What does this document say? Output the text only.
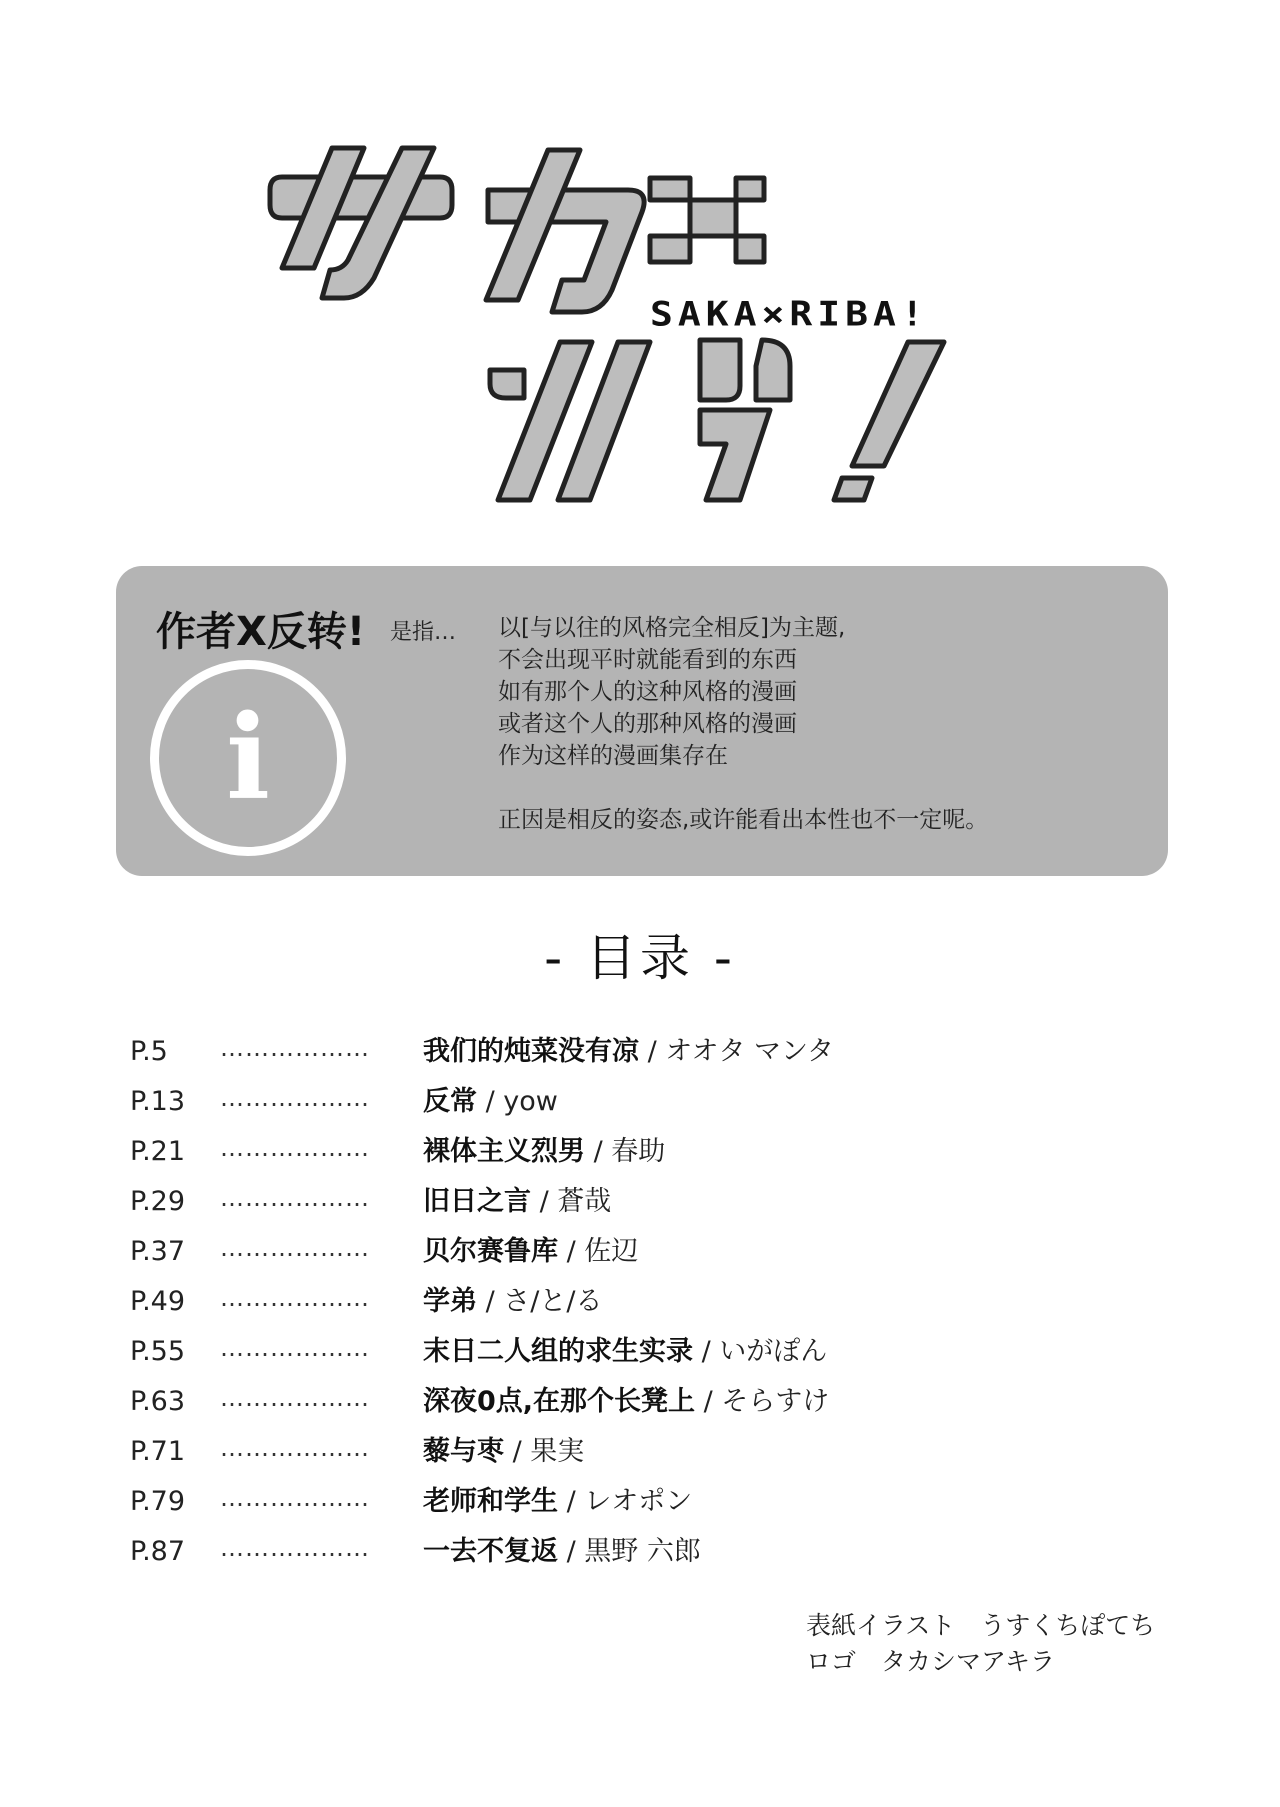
SAKA×RIBA!
作者X反转! 是指…
i
以[与以往的风格完全相反]为主题,
不会出现平时就能看到的东西
如有那个人的这种风格的漫画
或者这个人的那种风格的漫画
作为这样的漫画集存在
正因是相反的姿态,或许能看出本性也不一定呢。
- 目录 -
P.5 ……………… 我们的炖菜没有凉 / オオタ マンタ
P.13 ……………… 反常 / yow
P.21 ……………… 裸体主义烈男 / 春助
P.29 ……………… 旧日之言 / 蒼哉
P.37 ……………… 贝尔赛鲁库 / 佐辺
P.49 ……………… 学弟 / さ/と/る
P.55 ……………… 末日二人组的求生实录 / いがぽん
P.63 ……………… 深夜0点,在那个长凳上 / そらすけ
P.71 ……………… 藜与枣 / 果実
P.79 ……………… 老师和学生 / レオポン
P.87 ……………… 一去不复返 / 黒野 六郎
表紙イラスト　うすくちぽてち
ロゴ　タカシマアキラ
